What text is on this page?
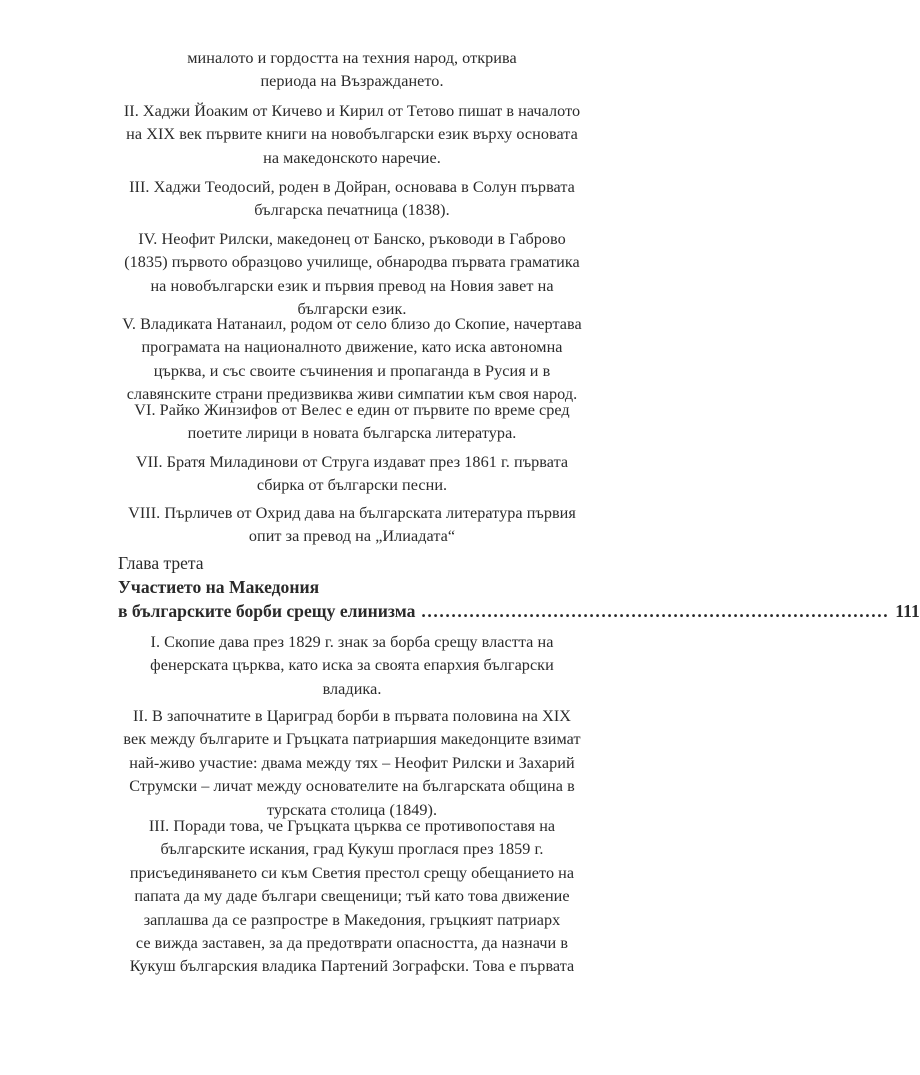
миналото и гордостта на техния народ, открива
периода на Възраждането.
II. Хаджи Йоаким от Кичево и Кирил от Тетово пишат в началото
на XIX век първите книги на новобългарски език върху основата
на македонското наречие.
III. Хаджи Теодосий, роден в Дойран, основава в Солун първата
българска печатница (1838).
IV. Неофит Рилски, македонец от Банско, ръководи в Габрово
(1835) първото образцово училище, обнародва първата граматика
на новобългарски език и първия превод на Новия завет на
български език.
V. Владиката Натанаил, родом от село близо до Скопие, начертава
програмата на националното движение, като иска автономна
църква, и със своите съчинения и пропаганда в Русия и в
славянските страни предизвиква живи симпатии към своя народ.
VI. Райко Жинзифов от Велес е един от първите по време сред
поетите лирици в новата българска литература.
VII. Братя Миладинови от Струга издават през 1861 г. първата
сбирка от български песни.
VIII. Пърличев от Охрид дава на българската литература първия
опит за превод на „Илиадата“
Глава трета
Участието на Македония
в българските борби срещу елинизма .............................................................................. 111
I. Скопие дава през 1829 г. знак за борба срещу властта на
фенерската църква, като иска за своята епархия български
владика.
II. В започнатите в Цариград борби в първата половина на XIX
век между българите и Гръцката патриаршия македонците взимат
най-живо участие: двама между тях – Неофит Рилски и Захарий
Струмски – личат между основателите на българската община в
турската столица (1849).
III. Поради това, че Гръцката църква се противопоставя на
българските искания, град Кукуш проглася през 1859 г.
присъединяването си към Светия престол срещу обещанието на
папата да му даде българи свещеници; тъй като това движение
заплашва да се разпростре в Македония, гръцкият патриарх
се вижда заставен, за да предотврати опасността, да назначи в
Кукуш българския владика Партений Зографски. Това е първата
